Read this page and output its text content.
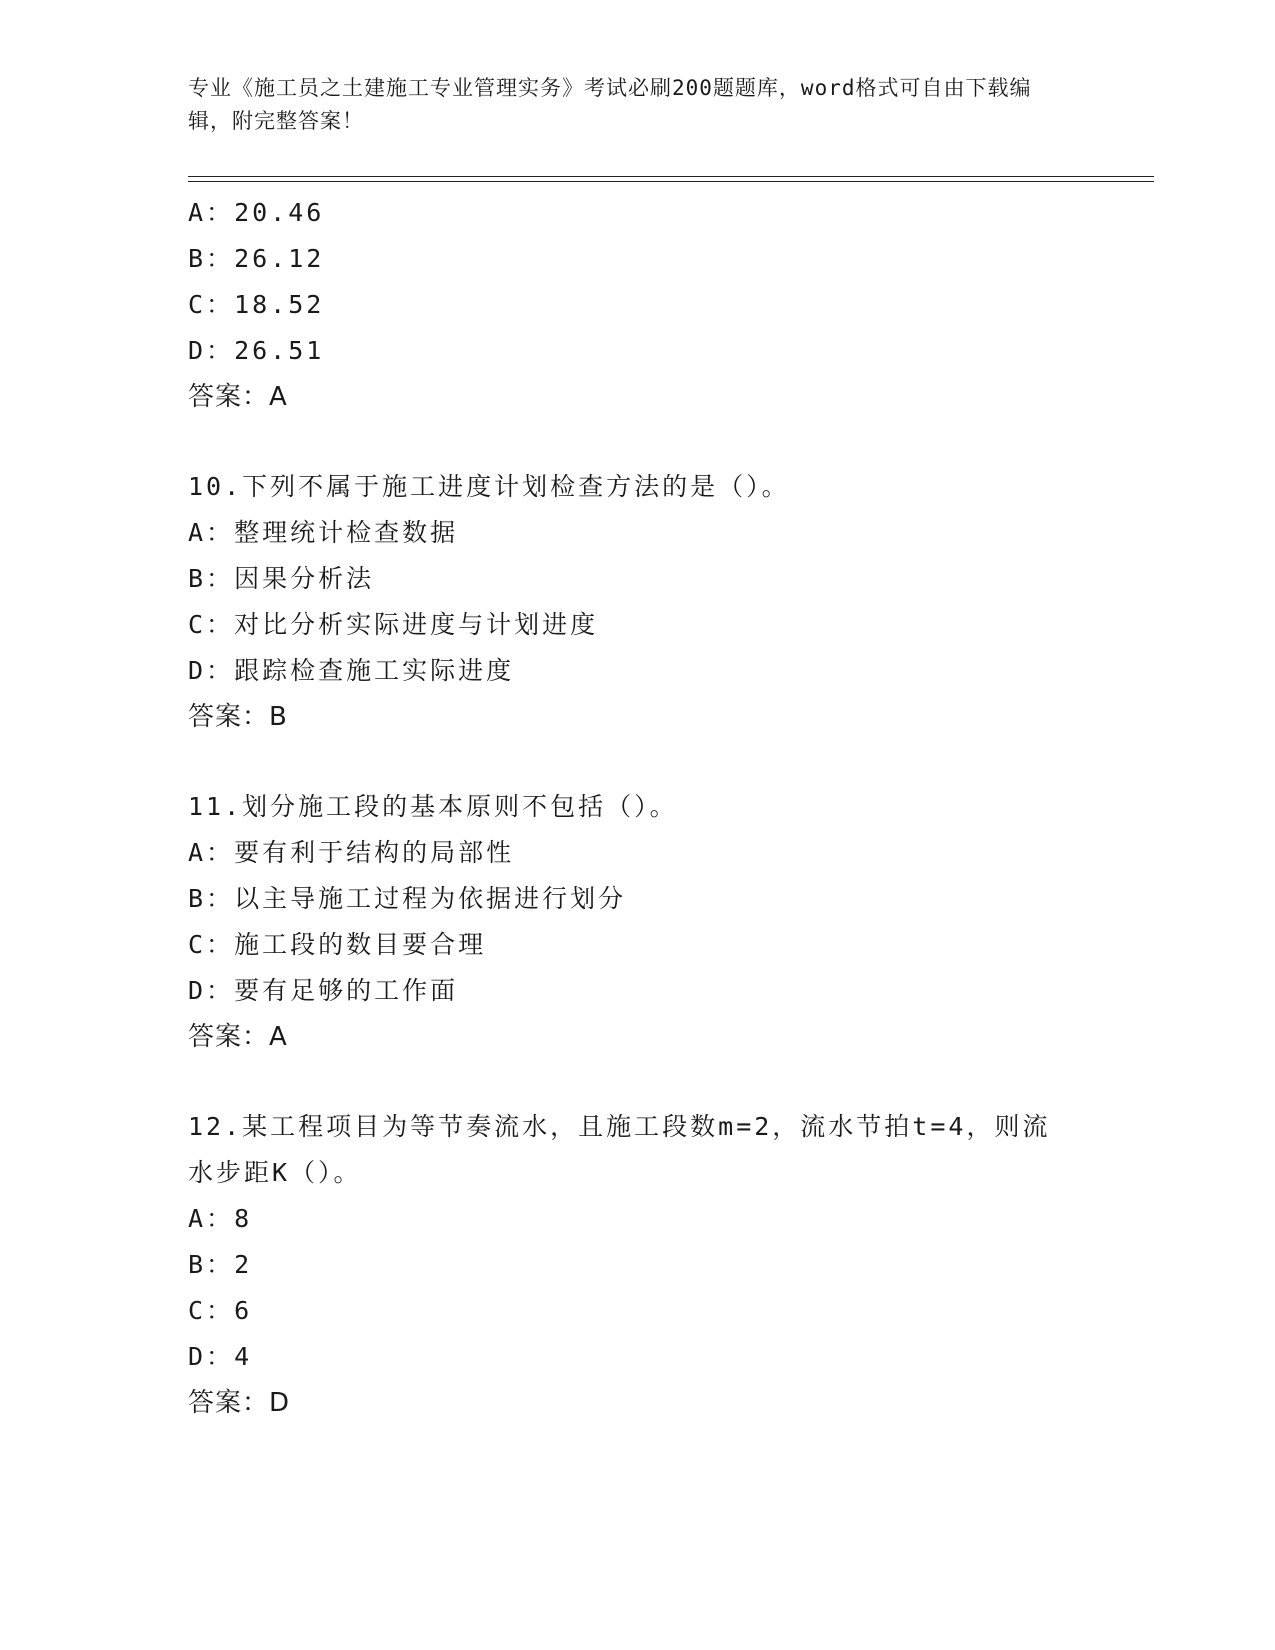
专业《施工员之土建施工专业管理实务》考试必刷200题题库，word格式可自由下载编辑，附完整答案！
A：20.46
B：26.12
C：18.52
D：26.51
答案：A
10.下列不属于施工进度计划检查方法的是（）。
A：整理统计检查数据
B：因果分析法
C：对比分析实际进度与计划进度
D：跟踪检查施工实际进度
答案：B
11.划分施工段的基本原则不包括（）。
A：要有利于结构的局部性
B：以主导施工过程为依据进行划分
C：施工段的数目要合理
D：要有足够的工作面
答案：A
12.某工程项目为等节奏流水，且施工段数m=2，流水节拍t=4，则流
水步距K（）。
A：8
B：2
C：6
D：4
答案：D
